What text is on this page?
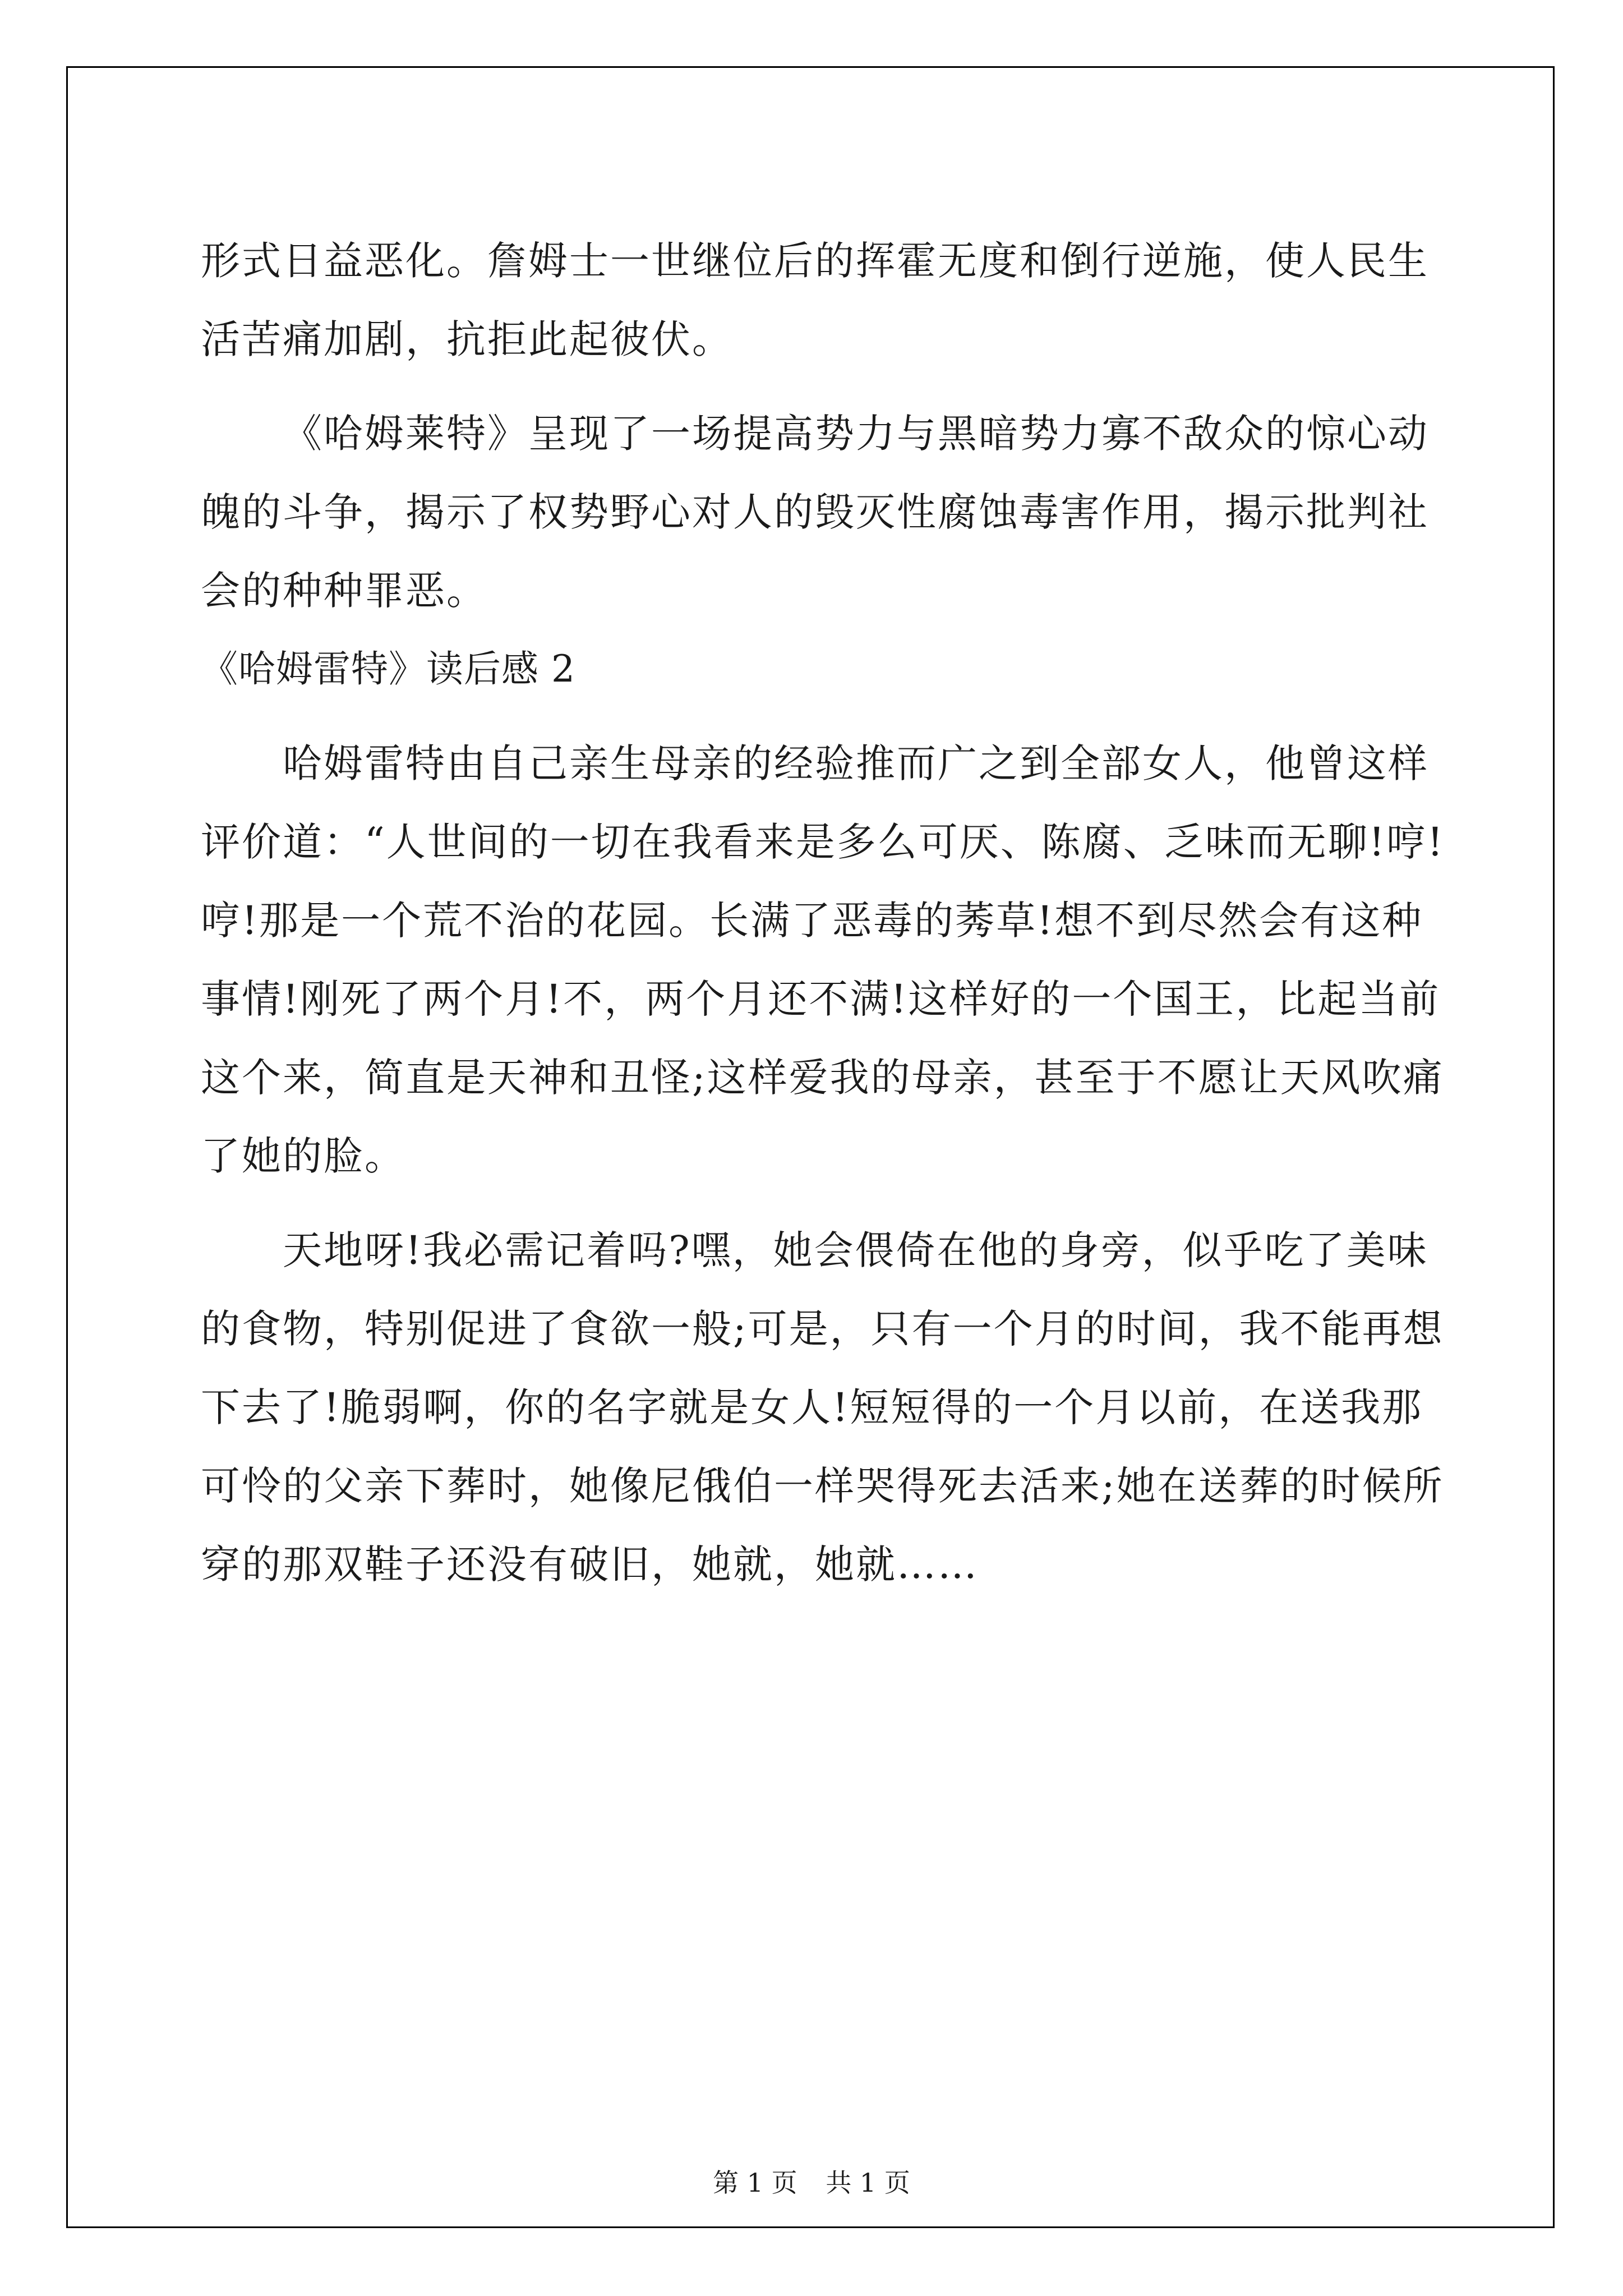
形式日益恶化。詹姆士一世继位后的挥霍无度和倒行逆施，使人民生
活苦痛加剧，抗拒此起彼伏。
《哈姆莱特》呈现了一场提高势力与黑暗势力寡不敌众的惊心动
魄的斗争，揭示了权势野心对人的毁灭性腐蚀毒害作用，揭示批判社
会的种种罪恶。
《哈姆雷特》读后感 2
哈姆雷特由自己亲生母亲的经验推而广之到全部女人，他曾这样
评价道：“人世间的一切在我看来是多么可厌、陈腐、乏味而无聊!哼!
哼!那是一个荒不治的花园。长满了恶毒的莠草!想不到尽然会有这种
事情!刚死了两个月!不，两个月还不满!这样好的一个国王，比起当前
这个来，简直是天神和丑怪;这样爱我的母亲，甚至于不愿让天风吹痛
了她的脸。
天地呀!我必需记着吗?嘿，她会偎倚在他的身旁，似乎吃了美味
的食物，特别促进了食欲一般;可是，只有一个月的时间，我不能再想
下去了!脆弱啊，你的名字就是女人!短短得的一个月以前，在送我那
可怜的父亲下葬时，她像尼俄伯一样哭得死去活来;她在送葬的时候所
穿的那双鞋子还没有破旧，她就，她就……
第 1 页 共 1 页
